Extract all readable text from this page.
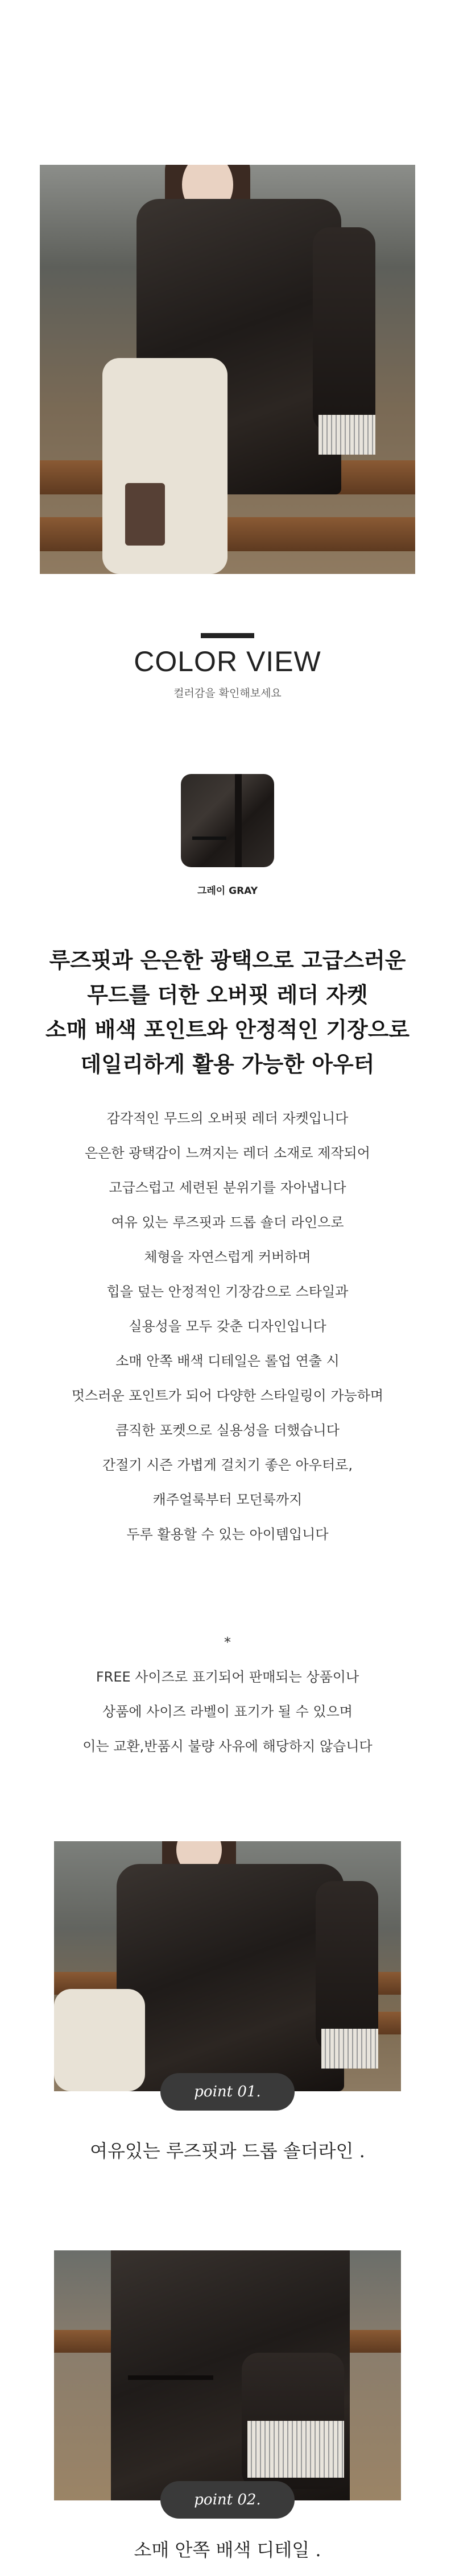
COLOR VIEW
컬러감을 확인해보세요
그레이 GRAY
루즈핏과 은은한 광택으로 고급스러운
무드를 더한 오버핏 레더 자켓
소매 배색 포인트와 안정적인 기장으로
데일리하게 활용 가능한 아우터
감각적인 무드의 오버핏 레더 자켓입니다
은은한 광택감이 느껴지는 레더 소재로 제작되어
고급스럽고 세련된 분위기를 자아냅니다
여유 있는 루즈핏과 드롭 숄더 라인으로
체형을 자연스럽게 커버하며
힙을 덮는 안정적인 기장감으로 스타일과
실용성을 모두 갖춘 디자인입니다
소매 안쪽 배색 디테일은 롤업 연출 시
멋스러운 포인트가 되어 다양한 스타일링이 가능하며
큼직한 포켓으로 실용성을 더했습니다
간절기 시즌 가볍게 걸치기 좋은 아우터로,
캐주얼룩부터 모던룩까지
두루 활용할 수 있는 아이템입니다
*
FREE 사이즈로 표기되어 판매되는 상품이나
상품에 사이즈 라벨이 표기가 될 수 있으며
이는 교환,반품시 불량 사유에 해당하지 않습니다
point 01.
여유있는 루즈핏과 드롭 숄더라인 .
point 02.
소매 안쪽 배색 디테일 .
